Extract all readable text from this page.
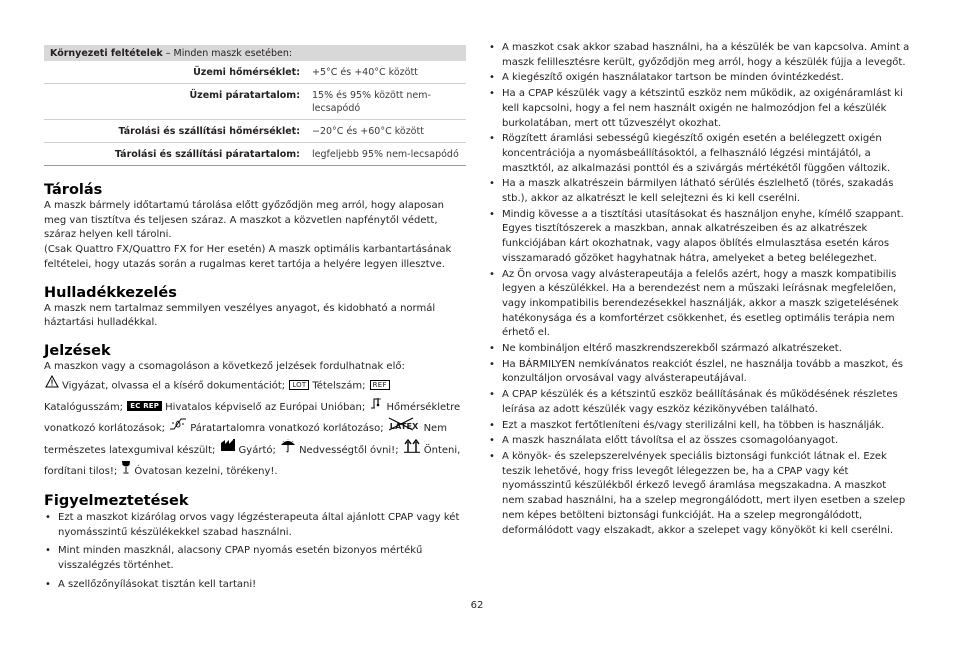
Környezeti feltételek – Minden maszk esetében:
Üzemi hőmérséklet:	+5°C és +40°C között
Üzemi páratartalom:	15% és 95% között nem-lecsapódó
Tárolási és szállítási hőmérséklet:	−20°C és +60°C között
Tárolási és szállítási páratartalom:	legfeljebb 95% nem-lecsapódó
Tárolás

A maszk bármely időtartamú tárolása előtt győződjön meg arról, hogy alaposan meg van tisztítva és teljesen száraz. A maszkot a közvetlen napfénytől védett, száraz helyen kell tárolni.

(Csak Quattro FX/Quattro FX for Her esetén) A maszk optimális karbantartásának feltételei, hogy utazás során a rugalmas keret tartója a helyére legyen illesztve.

Hulladékkezelés

A maszk nem tartalmaz semmilyen veszélyes anyagot, és kidobható a normál háztartási hulladékkal.

Jelzések

A maszkon vagy a csomagoláson a következő jelzések fordulhatnak elő:

Vigyázat, olvassa el a kísérő dokumentációt; LOT Tételszám; REFKatalógusszám; EC REP Hivatalos képviselő az Európai Unióban; Hőmérsékletre vonatkozó korlátozások;	Páratartalomra vonatkozó korlátozáso; LATEX Nem természetes latexgumival készült; Gyártó; Nedvességtől óvni!;	Önteni, fordítani tilos!; Óvatosan kezelni, törékeny!.

Figyelmeztetések
• Ezt a maszkot kizárólag orvos vagy légzésterapeuta által ajánlott CPAP vagy két nyomásszintű készülékekkel szabad használni.
• Mint minden maszknál, alacsony CPAP nyomás esetén bizonyos mértékű visszalégzés történhet.
• A szellőzőnyílásokat tisztán kell tartani!
• A maszkot csak akkor szabad használni, ha a készülék be van kapcsolva. Amint a maszk felillesztésre került, győződjön meg arról, hogy a készülék fújja a levegőt.
• A kiegészítő oxigén használatakor tartson be minden óvintézkedést.
• Ha a CPAP készülék vagy a kétszintű eszköz nem működik, az oxigénáramlást ki kell kapcsolni, hogy a fel nem használt oxigén ne halmozódjon fel a készülék burkolatában, mert ott tűzveszélyt okozhat.
• Rögzített áramlási sebességű kiegészítő oxigén esetén a belélegzett oxigén koncentrációja a nyomásbeállításoktól, a felhasználó légzési mintájától, a masztktól, az alkalmazási ponttól és a szivárgás mértékétől függően változik.
• Ha a maszk alkatrészein bármilyen látható sérülés észlelhető (törés, szakadás stb.), akkor az alkatrészt le kell selejtezni és ki kell cserélni.
• Mindig kövesse a a tisztítási utasításokat és használjon enyhe, kímélő szappant. Egyes tisztítószerek a maszkban, annak alkatrészeiben és az alkatrészek funkciójában kárt okozhatnak, vagy alapos öblítés elmulasztása esetén káros visszamaradó gőzöket hagyhatnak hátra, amelyeket a beteg belélegezhet.
• Az Ön orvosa vagy alvásterapeutája a felelős azért, hogy a maszk kompatibilis legyen a készülékkel. Ha a berendezést nem a műszaki leírásnak megfelelően, vagy inkompatibilis berendezésekkel használják, akkor a maszk szigetelésének hatékonysága és a komfortérzet csökkenhet, és esetleg optimális terápia nem érhető el.
• Ne kombináljon eltérő maszkrendszerekből származó alkatrészeket.
• Ha BÁRMILYEN nemkívánatos reakciót észlel, ne használja tovább a maszkot, és konzultáljon orvosával vagy alvásterapeutájával.
• A CPAP készülék és a kétszintű eszköz beállításának és működésének részletes leírása az adott készülék vagy eszköz kézikönyvében található.
• Ezt a maszkot fertőtleníteni és/vagy sterilizálni kell, ha többen is használják.
• A maszk használata előtt távolítsa el az összes csomagolóanyagot.
• A könyök- és szelepszerelvények speciális biztonsági funkciót látnak el. Ezek teszik lehetővé, hogy friss levegőt lélegezzen be, ha a CPAP vagy két nyomásszintű készülékből érkező levegő áramlása megszakadna. A maszkot nem szabad használni, ha a szelep megrongálódott, mert ilyen esetben a szelep nem képes betölteni biztonsági funkcióját. Ha a szelep megrongálódott, deformálódott vagy elszakadt, akkor a szelepet vagy könyököt ki kell cserélni.
62
